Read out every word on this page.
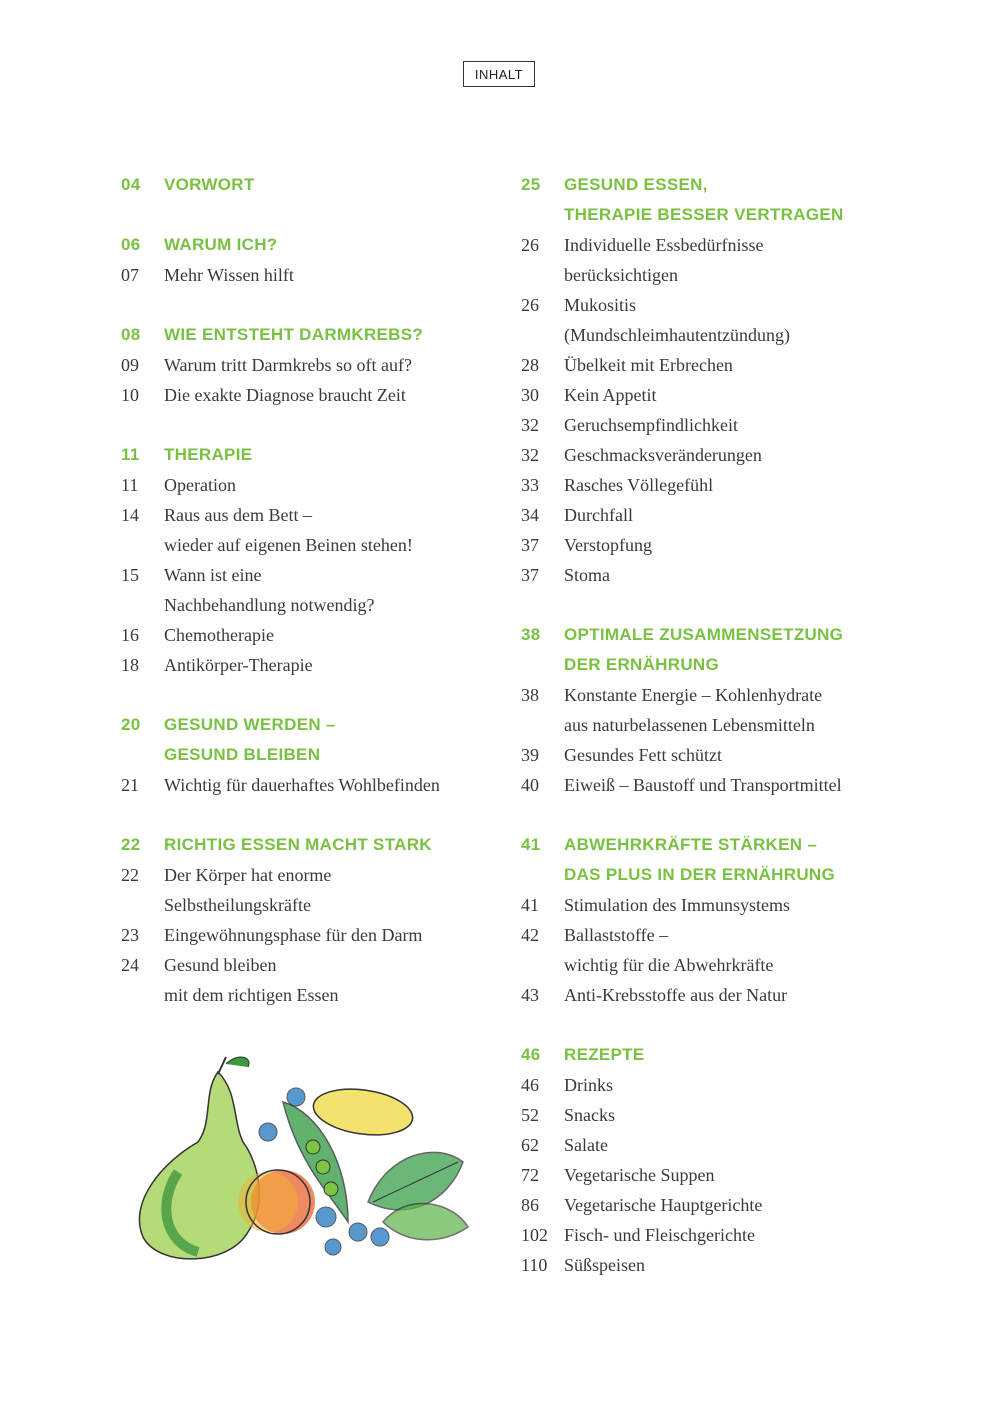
INHALT
04	VORWORT
06	WARUM ICH?
07	Mehr Wissen hilft
08	WIE ENTSTEHT DARMKREBS?
09	Warum tritt Darmkrebs so oft auf?
10	Die exakte Diagnose braucht Zeit
11	THERAPIE
11	Operation
14	Raus aus dem Bett –
wieder auf eigenen Beinen stehen!
15	Wann ist eine
Nachbehandlung notwendig?
16	Chemotherapie
18	Antikörper-Therapie
20	GESUND WERDEN –
GESUND BLEIBEN
21	Wichtig für dauerhaftes Wohlbefinden
22	RICHTIG ESSEN MACHT STARK
22	Der Körper hat enorme
Selbstheilungskräfte
23	Eingewöhnungsphase für den Darm
24	Gesund bleiben
mit dem richtigen Essen
25	GESUND ESSEN,
THERAPIE BESSER VERTRAGEN
26	Individuelle Essbedürfnisse
berücksichtigen
26	Mukositis
(Mundschleimhautentzündung)
28	Übelkeit mit Erbrechen
30	Kein Appetit
32	Geruchsempfindlichkeit
32	Geschmacksveränderungen
33	Rasches Völlegefühl
34	Durchfall
37	Verstopfung
37	Stoma
38	OPTIMALE ZUSAMMENSETZUNG
DER ERNÄHRUNG
38	Konstante Energie – Kohlenhydrate
aus naturbelassenen Lebensmitteln
39	Gesundes Fett schützt
40	Eiweiß – Baustoff und Transportmittel
41	ABWEHRKRÄFTE STÄRKEN –
DAS PLUS IN DER ERNÄHRUNG
41	Stimulation des Immunsystems
42	Ballaststoffe –
wichtig für die Abwehrkräfte
43	Anti-Krebsstoffe aus der Natur
46	REZEPTE
46	Drinks
52	Snacks
62	Salate
72	Vegetarische Suppen
86	Vegetarische Hauptgerichte
102 Fisch- und Fleischgerichte
110 Süßspeisen
